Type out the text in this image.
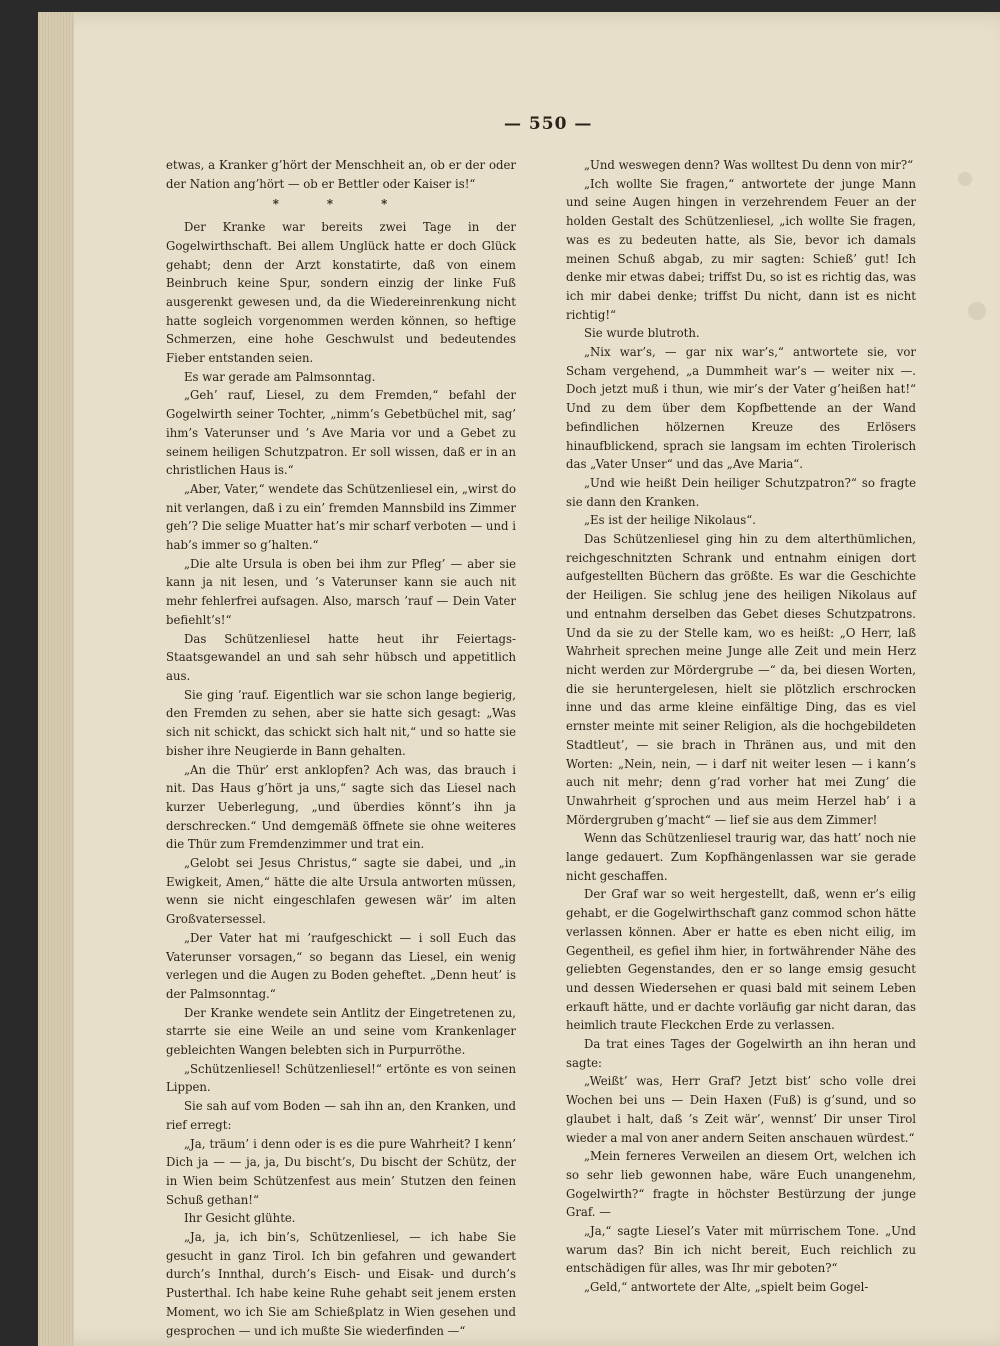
— 550 —

etwas, a Kranker g’hört der Menschheit an, ob er der oder der Nation ang’hört — ob er Bettler oder Kaiser is!“

* * *

Der Kranke war bereits zwei Tage in der Gogelwirthschaft. Bei allem Unglück hatte er doch Glück gehabt; denn der Arzt konstatirte, daß von einem Beinbruch keine Spur, sondern einzig der linke Fuß ausgerenkt gewesen und, da die Wiedereinrenkung nicht hatte sogleich vorgenommen werden können, so heftige Schmerzen, eine hohe Geschwulst und bedeutendes Fieber entstanden seien.

Es war gerade am Palmsonntag.

„Geh’ rauf, Liesel, zu dem Fremden,“ befahl der Gogelwirth seiner Tochter, „nimm’s Gebetbüchel mit, sag’ ihm’s Vaterunser und ’s Ave Maria vor und a Gebet zu seinem heiligen Schutzpatron. Er soll wissen, daß er in an christlichen Haus is.“

„Aber, Vater,“ wendete das Schützenliesel ein, „wirst do nit verlangen, daß i zu ein’ fremden Mannsbild ins Zimmer geh’? Die selige Muatter hat’s mir scharf verboten — und i hab’s immer so g’halten.“

„Die alte Ursula is oben bei ihm zur Pfleg’ — aber sie kann ja nit lesen, und ’s Vaterunser kann sie auch nit mehr fehlerfrei aufsagen. Also, marsch ’rauf — Dein Vater befiehlt’s!“

Das Schützenliesel hatte heut ihr Feiertags-Staatsgewandel an und sah sehr hübsch und appetitlich aus.

Sie ging ’rauf. Eigentlich war sie schon lange begierig, den Fremden zu sehen, aber sie hatte sich gesagt: „Was sich nit schickt, das schickt sich halt nit,“ und so hatte sie bisher ihre Neugierde in Bann gehalten.

„An die Thür’ erst anklopfen? Ach was, das brauch i nit. Das Haus g’hört ja uns,“ sagte sich das Liesel nach kurzer Ueberlegung, „und überdies könnt’s ihn ja derschrecken.“ Und demgemäß öffnete sie ohne weiteres die Thür zum Fremdenzimmer und trat ein.

„Gelobt sei Jesus Christus,“ sagte sie dabei, und „in Ewigkeit, Amen,“ hätte die alte Ursula antworten müssen, wenn sie nicht eingeschlafen gewesen wär’ im alten Großvatersessel.

„Der Vater hat mi ’raufgeschickt — i soll Euch das Vaterunser vorsagen,“ so begann das Liesel, ein wenig verlegen und die Augen zu Boden geheftet. „Denn heut’ is der Palmsonntag.“

Der Kranke wendete sein Antlitz der Eingetretenen zu, starrte sie eine Weile an und seine vom Krankenlager gebleichten Wangen belebten sich in Purpurröthe.

„Schützenliesel! Schützenliesel!“ ertönte es von seinen Lippen.

Sie sah auf vom Boden — sah ihn an, den Kranken, und rief erregt:

„Ja, träum’ i denn oder is es die pure Wahrheit? I kenn’ Dich ja — — ja, ja, Du bischt’s, Du bischt der Schütz, der in Wien beim Schützenfest aus mein’ Stutzen den feinen Schuß gethan!“

Ihr Gesicht glühte.

„Ja, ja, ich bin’s, Schützenliesel, — ich habe Sie gesucht in ganz Tirol. Ich bin gefahren und gewandert durch’s Innthal, durch’s Eisch- und Eisak- und durch’s Pusterthal. Ich habe keine Ruhe gehabt seit jenem ersten Moment, wo ich Sie am Schießplatz in Wien gesehen und gesprochen — und ich mußte Sie wiederfinden —“

„Und weswegen denn? Was wolltest Du denn von mir?“

„Ich wollte Sie fragen,“ antwortete der junge Mann und seine Augen hingen in verzehrendem Feuer an der holden Gestalt des Schützenliesel, „ich wollte Sie fragen, was es zu bedeuten hatte, als Sie, bevor ich damals meinen Schuß abgab, zu mir sagten: Schieß’ gut! Ich denke mir etwas dabei; triffst Du, so ist es richtig das, was ich mir dabei denke; triffst Du nicht, dann ist es nicht richtig!“

Sie wurde blutroth.

„Nix war’s, — gar nix war’s,“ antwortete sie, vor Scham vergehend, „a Dummheit war’s — weiter nix —. Doch jetzt muß i thun, wie mir’s der Vater g’heißen hat!“ Und zu dem über dem Kopfbettende an der Wand befindlichen hölzernen Kreuze des Erlösers hinaufblickend, sprach sie langsam im echten Tirolerisch das „Vater Unser“ und das „Ave Maria“.

„Und wie heißt Dein heiliger Schutzpatron?“ so fragte sie dann den Kranken.

„Es ist der heilige Nikolaus“.

Das Schützenliesel ging hin zu dem alterthümlichen, reichgeschnitzten Schrank und entnahm einigen dort aufgestellten Büchern das größte. Es war die Geschichte der Heiligen. Sie schlug jene des heiligen Nikolaus auf und entnahm derselben das Gebet dieses Schutzpatrons. Und da sie zu der Stelle kam, wo es heißt: „O Herr, laß Wahrheit sprechen meine Junge alle Zeit und mein Herz nicht werden zur Mördergrube —“ da, bei diesen Worten, die sie heruntergelesen, hielt sie plötzlich erschrocken inne und das arme kleine einfältige Ding, das es viel ernster meinte mit seiner Religion, als die hochgebildeten Stadtleut’, — sie brach in Thränen aus, und mit den Worten: „Nein, nein, — i darf nit weiter lesen — i kann’s auch nit mehr; denn g’rad vorher hat mei Zung’ die Unwahrheit g’sprochen und aus meim Herzel hab’ i a Mördergruben g’macht“ — lief sie aus dem Zimmer!

Wenn das Schützenliesel traurig war, das hatt’ noch nie lange gedauert. Zum Kopfhängenlassen war sie gerade nicht geschaffen.

Der Graf war so weit hergestellt, daß, wenn er’s eilig gehabt, er die Gogelwirthschaft ganz commod schon hätte verlassen können. Aber er hatte es eben nicht eilig, im Gegentheil, es gefiel ihm hier, in fortwährender Nähe des geliebten Gegenstandes, den er so lange emsig gesucht und dessen Wiedersehen er quasi bald mit seinem Leben erkauft hätte, und er dachte vorläufig gar nicht daran, das heimlich traute Fleckchen Erde zu verlassen.

Da trat eines Tages der Gogelwirth an ihn heran und sagte:

„Weißt’ was, Herr Graf? Jetzt bist’ scho volle drei Wochen bei uns — Dein Haxen (Fuß) is g’sund, und so glaubet i halt, daß ’s Zeit wär’, wennst’ Dir unser Tirol wieder a mal von aner andern Seiten anschauen würdest.“

„Mein ferneres Verweilen an diesem Ort, welchen ich so sehr lieb gewonnen habe, wäre Euch unangenehm, Gogelwirth?“ fragte in höchster Bestürzung der junge Graf. —

„Ja,“ sagte Liesel’s Vater mit mürrischem Tone. „Und warum das? Bin ich nicht bereit, Euch reichlich zu entschädigen für alles, was Ihr mir geboten?“

„Geld,“ antwortete der Alte, „spielt beim Gogel-
